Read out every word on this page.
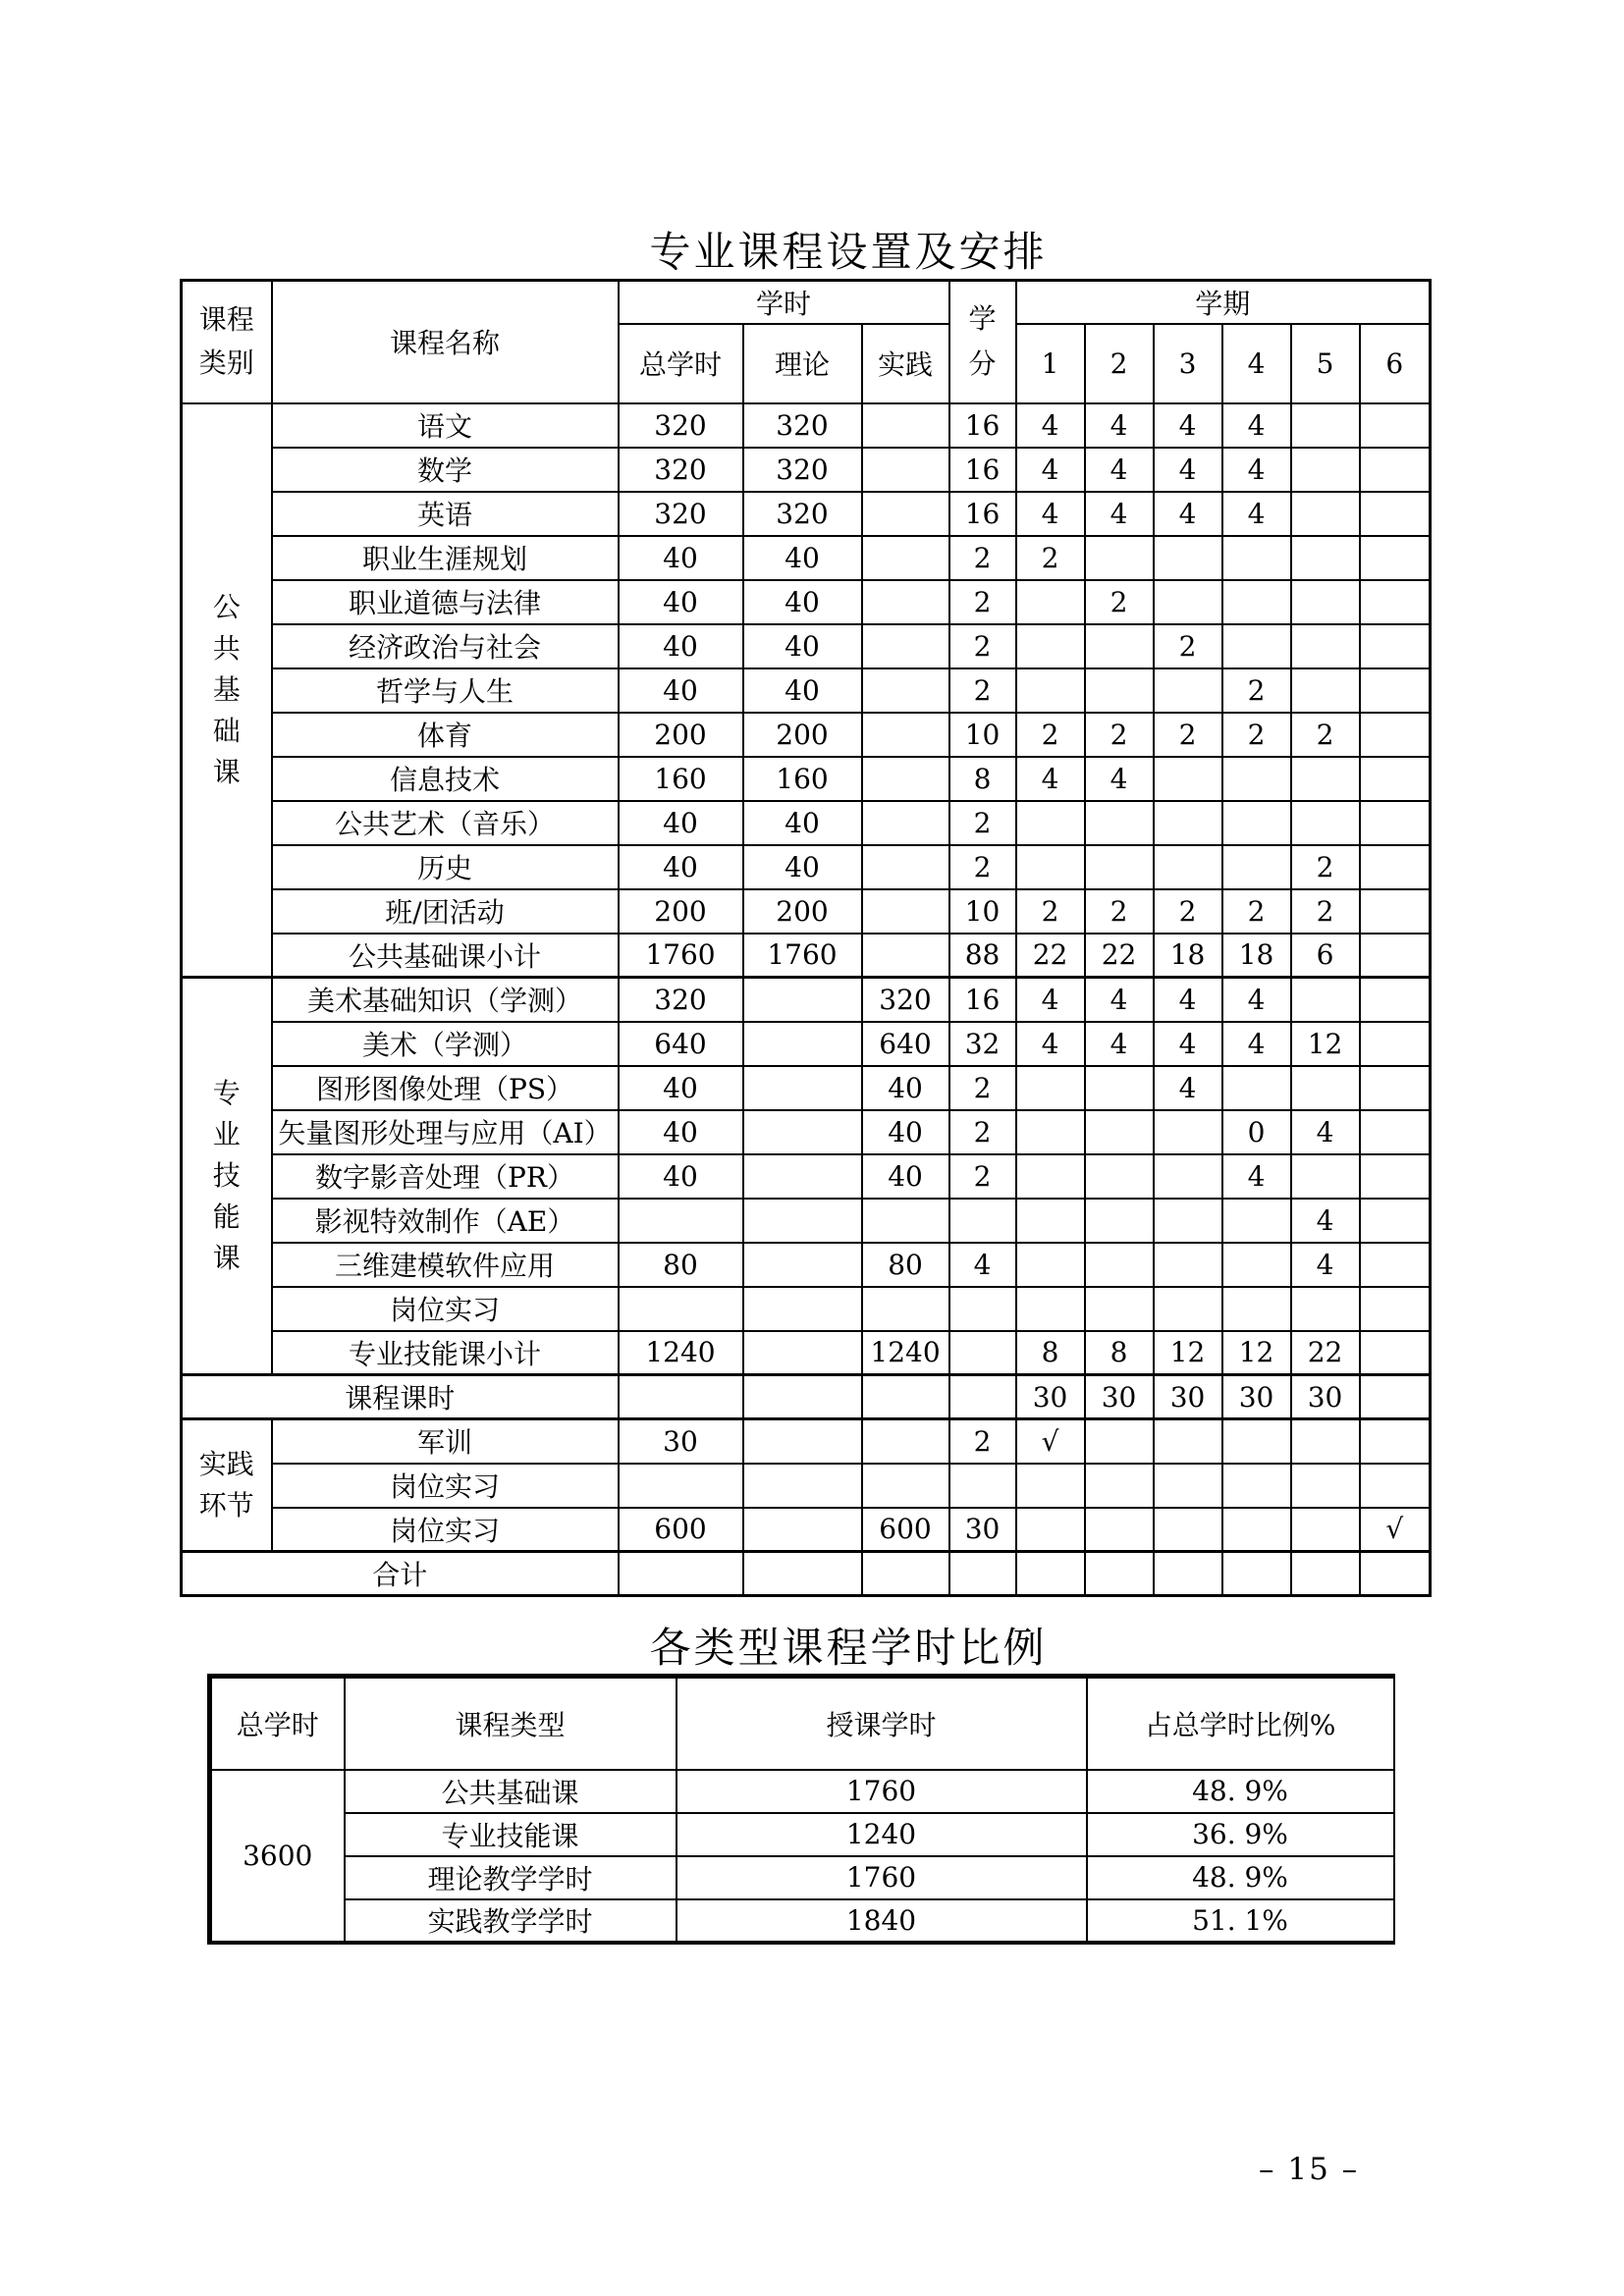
专业课程设置及安排
课程类别	课程名称	学时			学分	学期					
		总学时	理论	实践		1	2	3	4	5	6

公共基础课	语文	320	320		16	4	4	4	4		
	数学	320	320		16	4	4	4	4		
	英语	320	320		16	4	4	4	4		
	职业生涯规划	40	40		2	2					
	职业道德与法律	40	40		2		2				
	经济政治与社会	40	40		2			2			
	哲学与人生	40	40		2				2		
	体育	200	200		10	2	2	2	2	2	
	信息技术	160	160		8	4	4				
	公共艺术（音乐）	40	40		2						
	历史	40	40		2					2	
	班/团活动	200	200		10	2	2	2	2	2	
	公共基础课小计	1760	1760		88	22	22	18	18	6	

专业技能课	美术基础知识（学测）	320		320	16	4	4	4	4		
	美术（学测）	640		640	32	4	4	4	4	12	
	图形图像处理（PS）	40		40	2			4			
	矢量图形处理与应用（AI）	40		40	2				0	4	
	数字影音处理（PR）	40		40	2				4		
	影视特效制作（AE）									4	
	三维建模软件应用	80		80	4					4	
	岗位实习										
	专业技能课小计	1240		1240		8	8	12	12	22	
课程课时						30	30	30	30	30	

实践环节	军训	30			2	√					
	岗位实习										
	岗位实习	600		600	30						√
合计											
各类型课程学时比例
总学时	课程类型	授课学时	占总学时比例%
3600	公共基础课	1760	48. 9%
	专业技能课	1240	36. 9%
	理论教学学时	1760	48. 9%
	实践教学学时	1840	51. 1%
– 15 –
